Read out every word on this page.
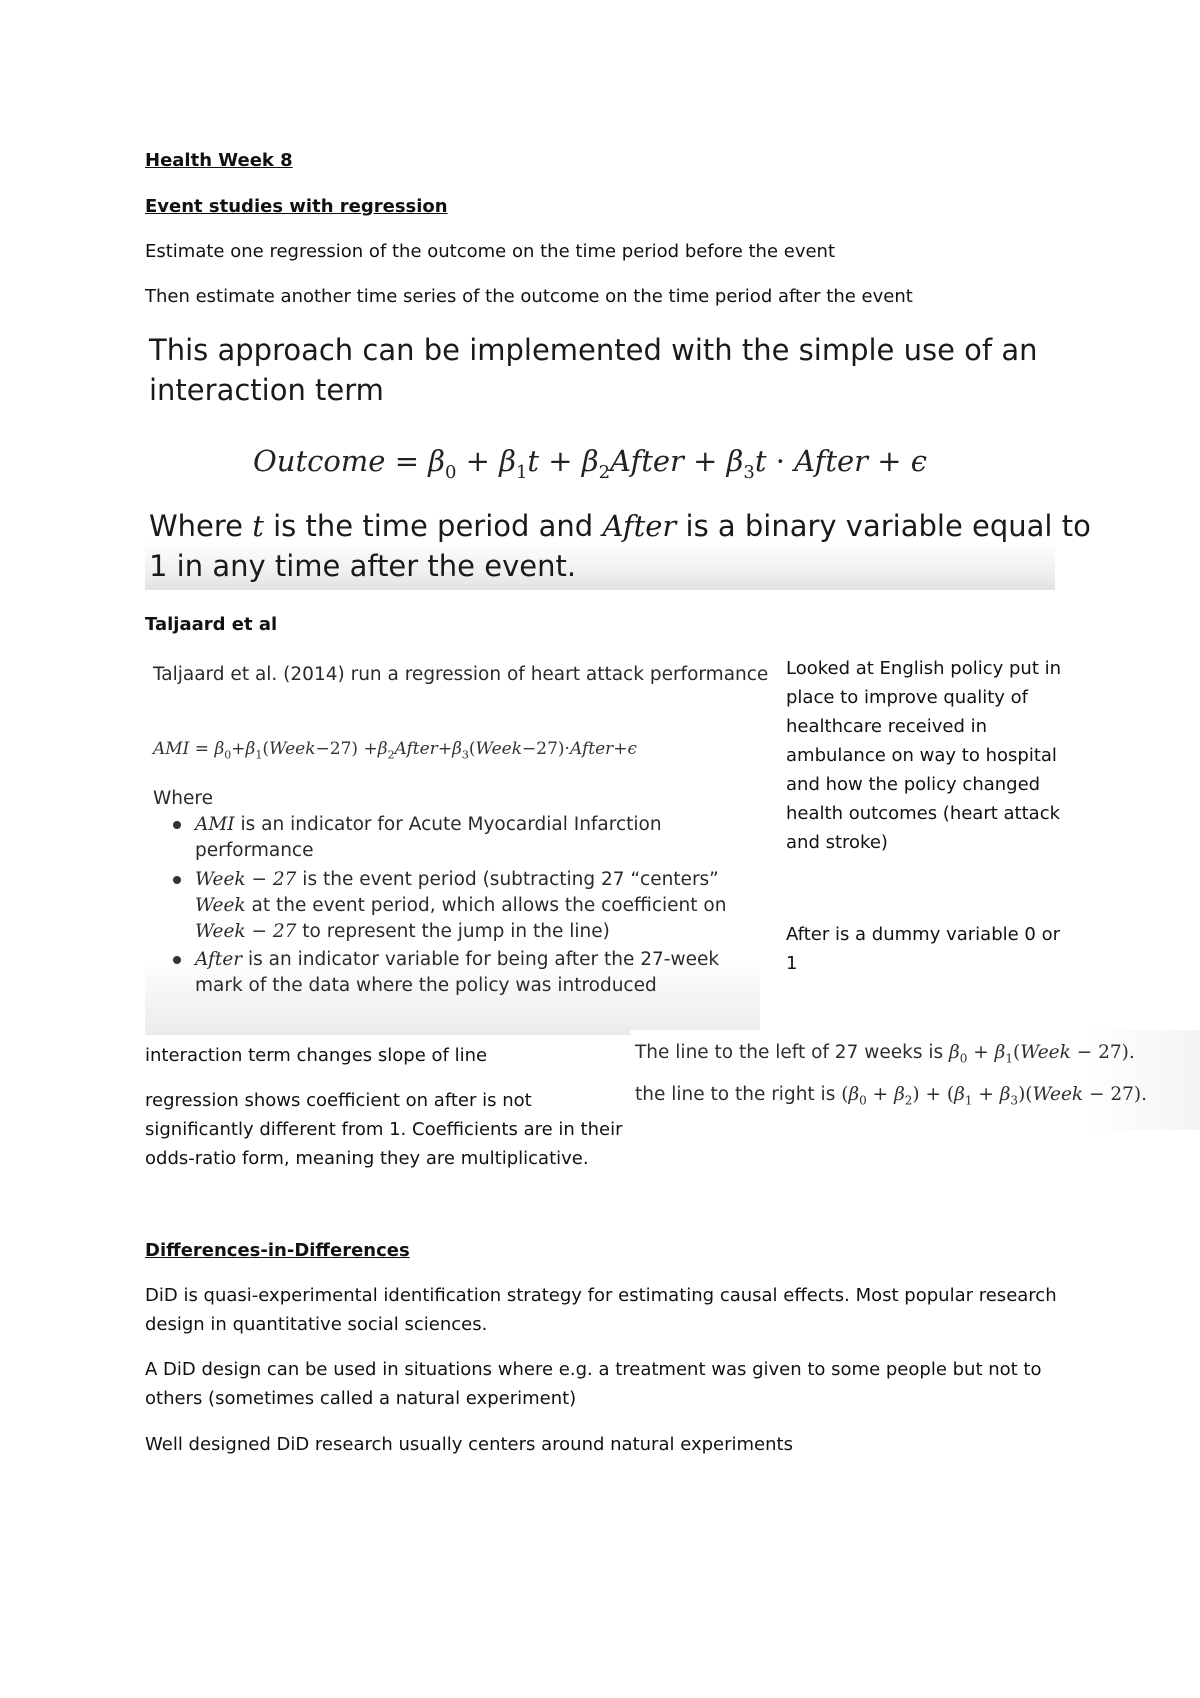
Health Week 8
Event studies with regression
Estimate one regression of the outcome on the time period before the event
Then estimate another time series of the outcome on the time period after the event
This approach can be implemented with the simple use of an
interaction term
Outcome = $\beta_0 + \beta_1t$ + $\beta_2After + \beta_3t$ · After + ϵ
Where t is the time period and After is a binary variable equal to
1 in any time after the event.
Taljaard et al
Taljaard et al. (2014) run a regression of heart attack performance
AMI = $\beta_0+\beta_1(Week-27)$ $+\beta_2After+\beta_3(Week-27)\cdot After+\epsilon$
Where
AMI is an indicator for Acute Myocardial Infarction
performance
Week − 27 is the event period (subtracting 27 “centers”
Week at the event period, which allows the coefficient on
Week − 27 to represent the jump in the line)
After is an indicator variable for being after the 27-week
mark of the data where the policy was introduced
Looked at English policy put in place to improve quality of healthcare received in ambulance on way to hospital and how the policy changed health outcomes (heart attack and stroke)
After is a dummy variable 0 or 1
interaction term changes slope of line
regression shows coefficient on after is not significantly different from 1. Coefficients are in their odds-ratio form, meaning they are multiplicative.
The line to the left of 27 weeks is $\beta_0$ + $\beta_1(Week - 27)$.
the line to the right is $(\beta_0 + \beta_2) + (\beta_1$ + $\beta_3)(Week - 27)$.
Differences-in-Differences
DiD is quasi-experimental identification strategy for estimating causal effects. Most popular research design in quantitative social sciences.
A DiD design can be used in situations where e.g. a treatment was given to some people but not to others (sometimes called a natural experiment)
Well designed DiD research usually centers around natural experiments
